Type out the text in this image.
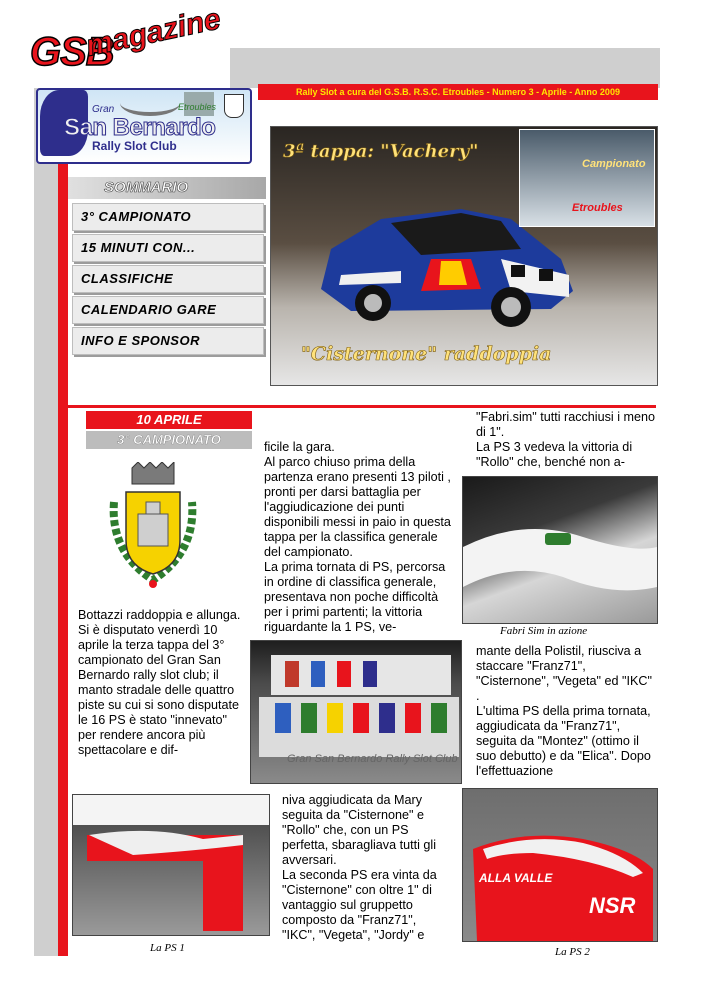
Rally Slot a cura del G.S.B. R.S.C. Etroubles - Numero 3 - Aprile - Anno 2009
GSB
magazine
Gran	Etroubles
San Bernardo
Rally Slot Club
SOMMARIO
3° CAMPIONATO
15 MINUTI CON...
CLASSIFICHE
CALENDARIO GARE
INFO E SPONSOR
3ª tappa: "Vachery"
"Cisternone" raddoppia
Campionato
Etroubles
10 APRILE
3° CAMPIONATO
Bottazzi raddoppia e allunga.
Si è disputato venerdì 10 aprile la terza tappa del 3° campionato del Gran San Bernardo rally slot club; il manto stradale delle quattro piste su cui si sono disputate le 16 PS è stato "innevato" per rendere ancora più spettacolare e dif-
ficile la gara.
Al parco chiuso prima della partenza erano presenti 13 piloti , pronti per darsi battaglia per l'aggiudicazione dei punti disponibili messi in paio in questa tappa per la classifica generale del campionato.
La prima tornata di PS, percorsa in ordine di classifica generale, presentava non poche difficoltà per i primi partenti; la vittoria riguardante la 1 PS, ve-
Gran San Bernardo Rally Slot Club
niva aggiudicata da Mary seguita da "Cisternone" e "Rollo" che, con un PS perfetta, sbaragliava tutti gli avversari.
La seconda PS era vinta da "Cisternone" con oltre 1" di vantaggio sul gruppetto composto da "Franz71", "IKC", "Vegeta", "Jordy" e
"Fabri.sim" tutti racchiusi i meno di 1".
La PS 3 vedeva la vittoria di "Rollo" che, benché non a-
Fabri Sim in azione
mante della Polistil, riusciva a staccare "Franz71", "Cisternone", "Vegeta" ed "IKC" .
L'ultima PS della prima tornata, aggiudicata da "Franz71", seguita da "Montez" (ottimo il suo debutto) e da "Elica". Dopo l'effettuazione
La PS 1
ALLA VALLE
NSR
La PS 2
